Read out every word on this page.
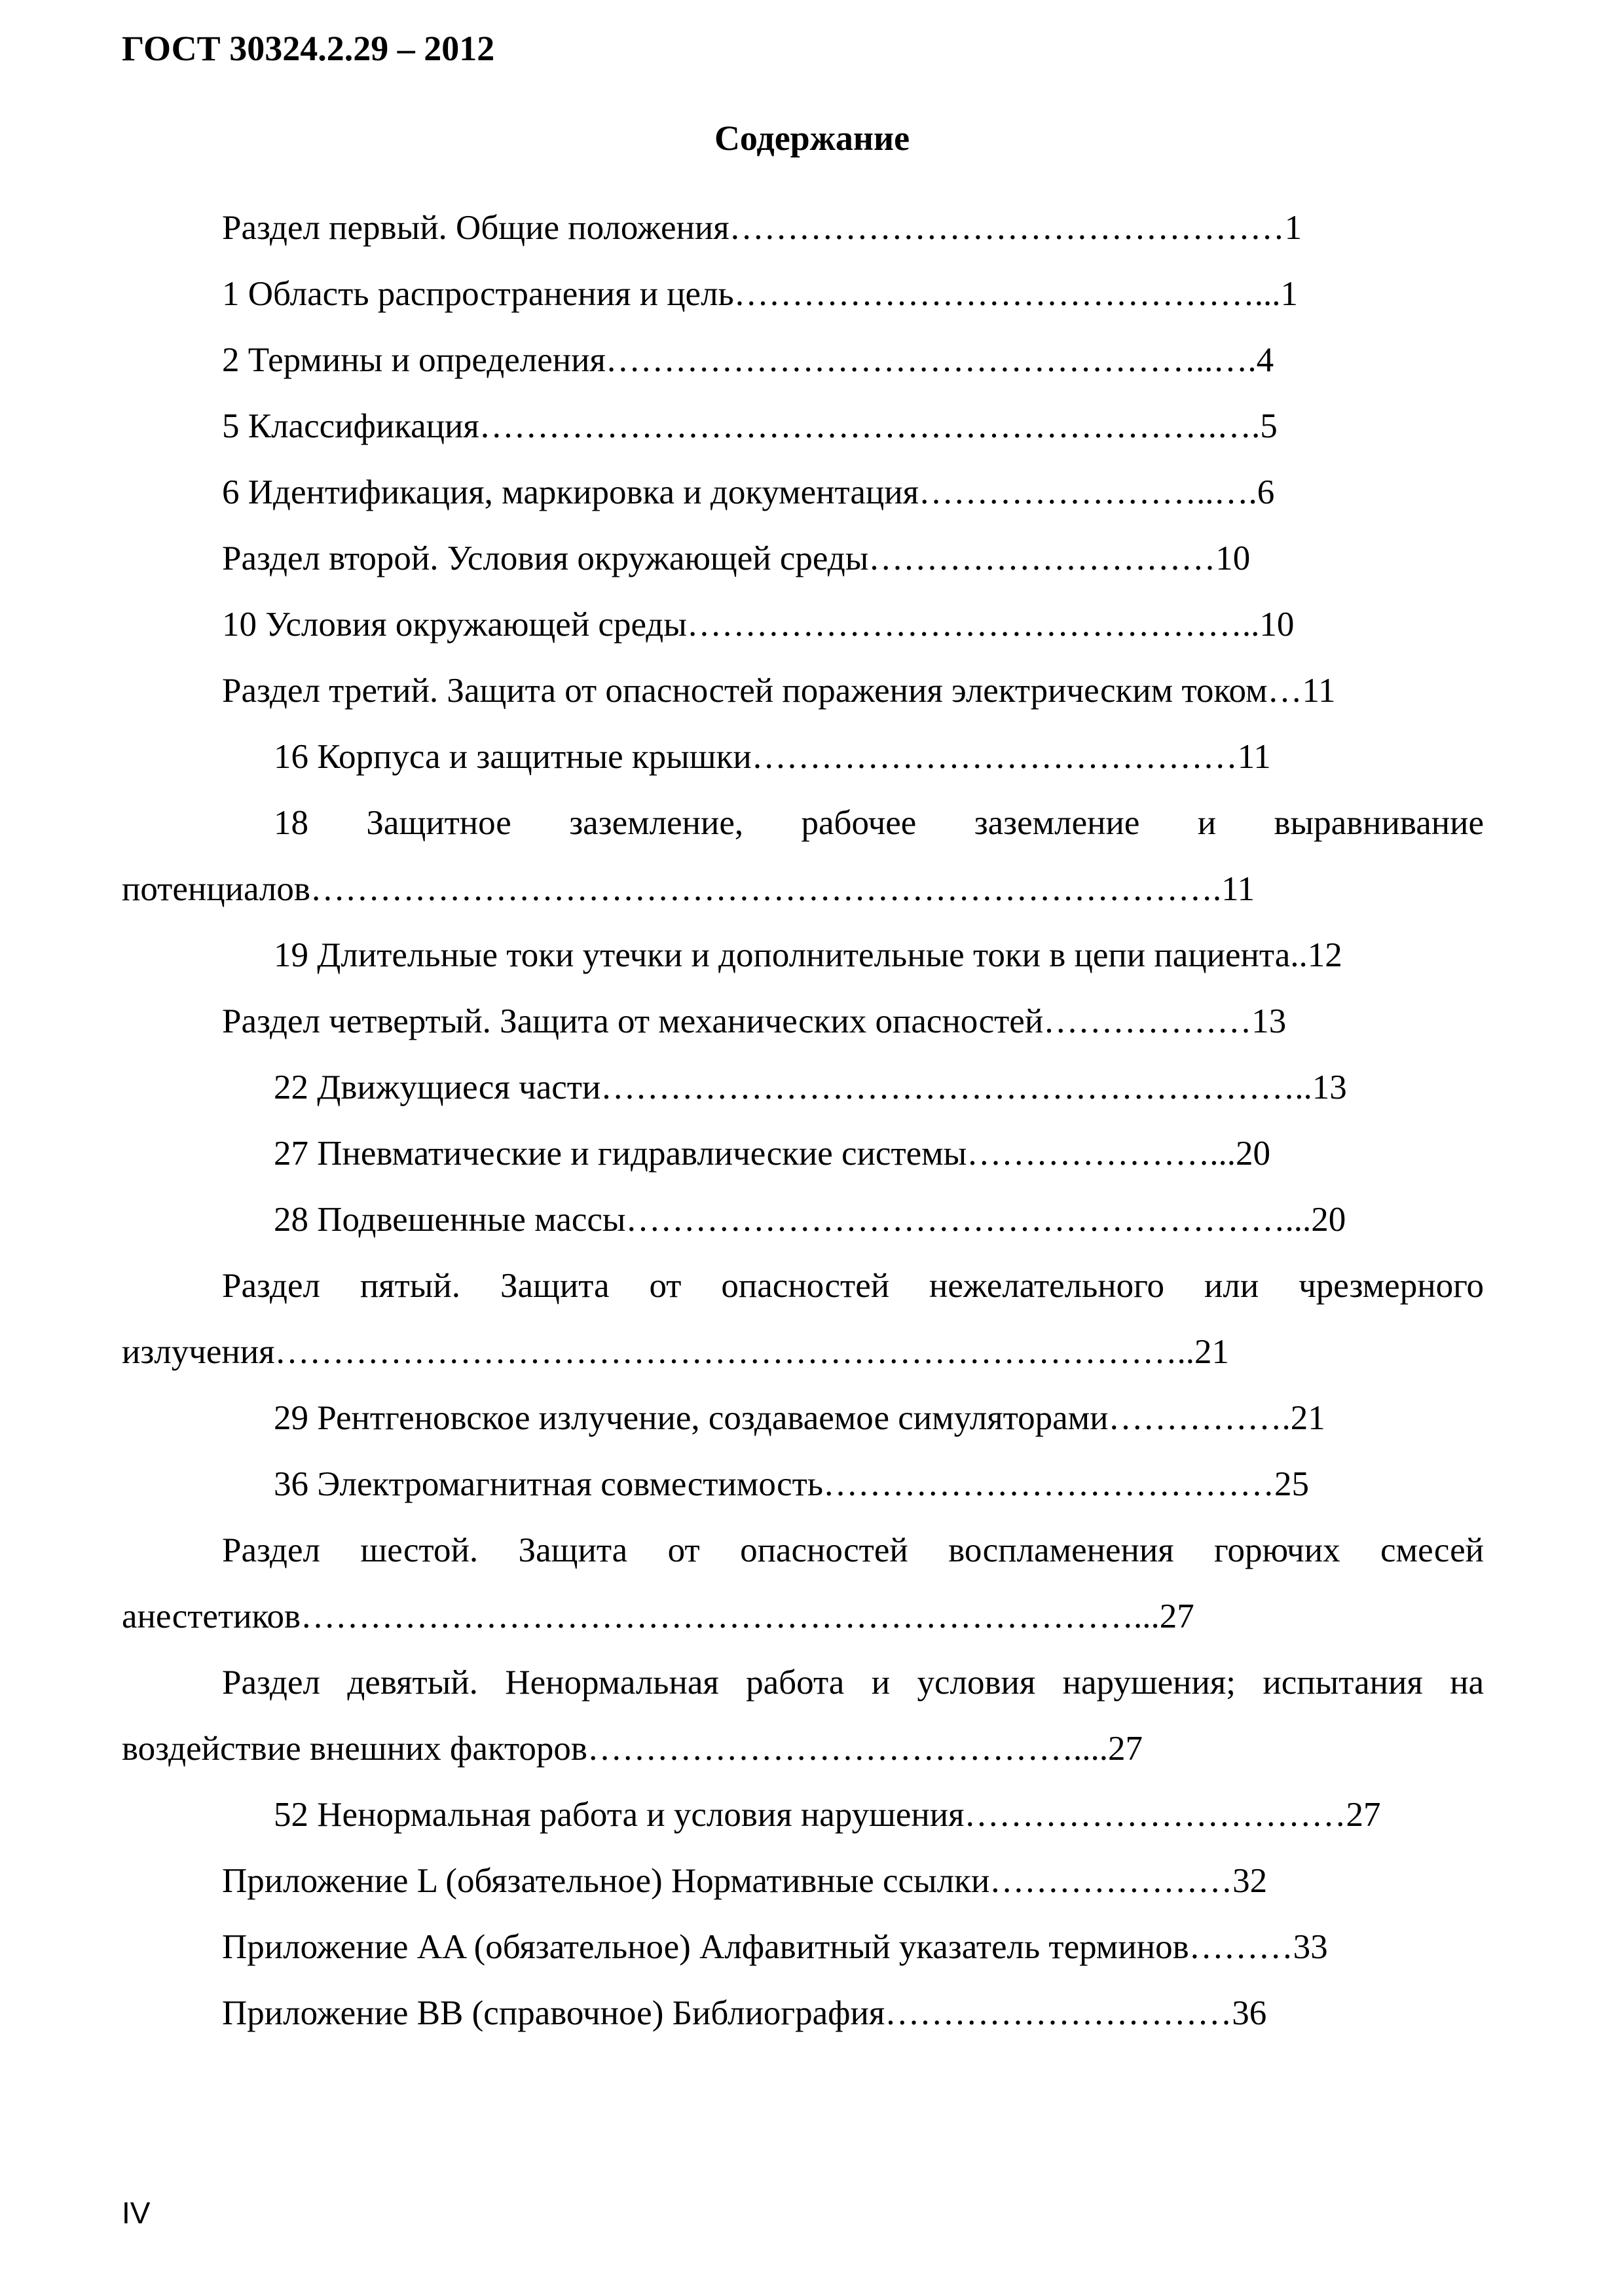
ГОСТ 30324.2.29 – 2012
Содержание
Раздел первый. Общие положения…………………………………………1
1 Область распространения и цель………………………………………...1
2 Термины и определения……………………………………………..….4
5 Классификация……………………………………………………….….5
6 Идентификация, маркировка и документация……………………..….6
Раздел второй. Условия окружающей среды…………………………10
10 Условия окружающей среды…………………………………………..10
Раздел третий. Защита от опасностей поражения электрическим током…11
16 Корпуса и защитные крышки……………………………………11
18 Защитное заземление, рабочее заземление и выравнивание потенциалов…………………………………………………………………….11
19 Длительные токи утечки и дополнительные токи в цепи пациента..12
Раздел четвертый. Защита от механических опасностей………………13
22 Движущиеся части……………………………………………………..13
27 Пневматические и гидравлические системы…………………...20
28 Подвешенные массы…………………………………………………...20
Раздел пятый. Защита от опасностей нежелательного или чрезмерного излучения……………………………………………………………………..21
29 Рентгеновское излучение, создаваемое симуляторами…………….21
36 Электромагнитная совместимость…………………………………25
Раздел шестой. Защита от опасностей воспламенения горючих смесей анестетиков………………………………………………………………...27
Раздел девятый. Ненормальная работа и условия нарушения; испытания на воздействие внешних факторов……………………………………....27
52 Ненормальная работа и условия нарушения……………………………27
Приложение L (обязательное) Нормативные ссылки…………………32
Приложение AA (обязательное) Алфавитный указатель терминов………33
Приложение BB (справочное) Библиография…………………………36
IV
